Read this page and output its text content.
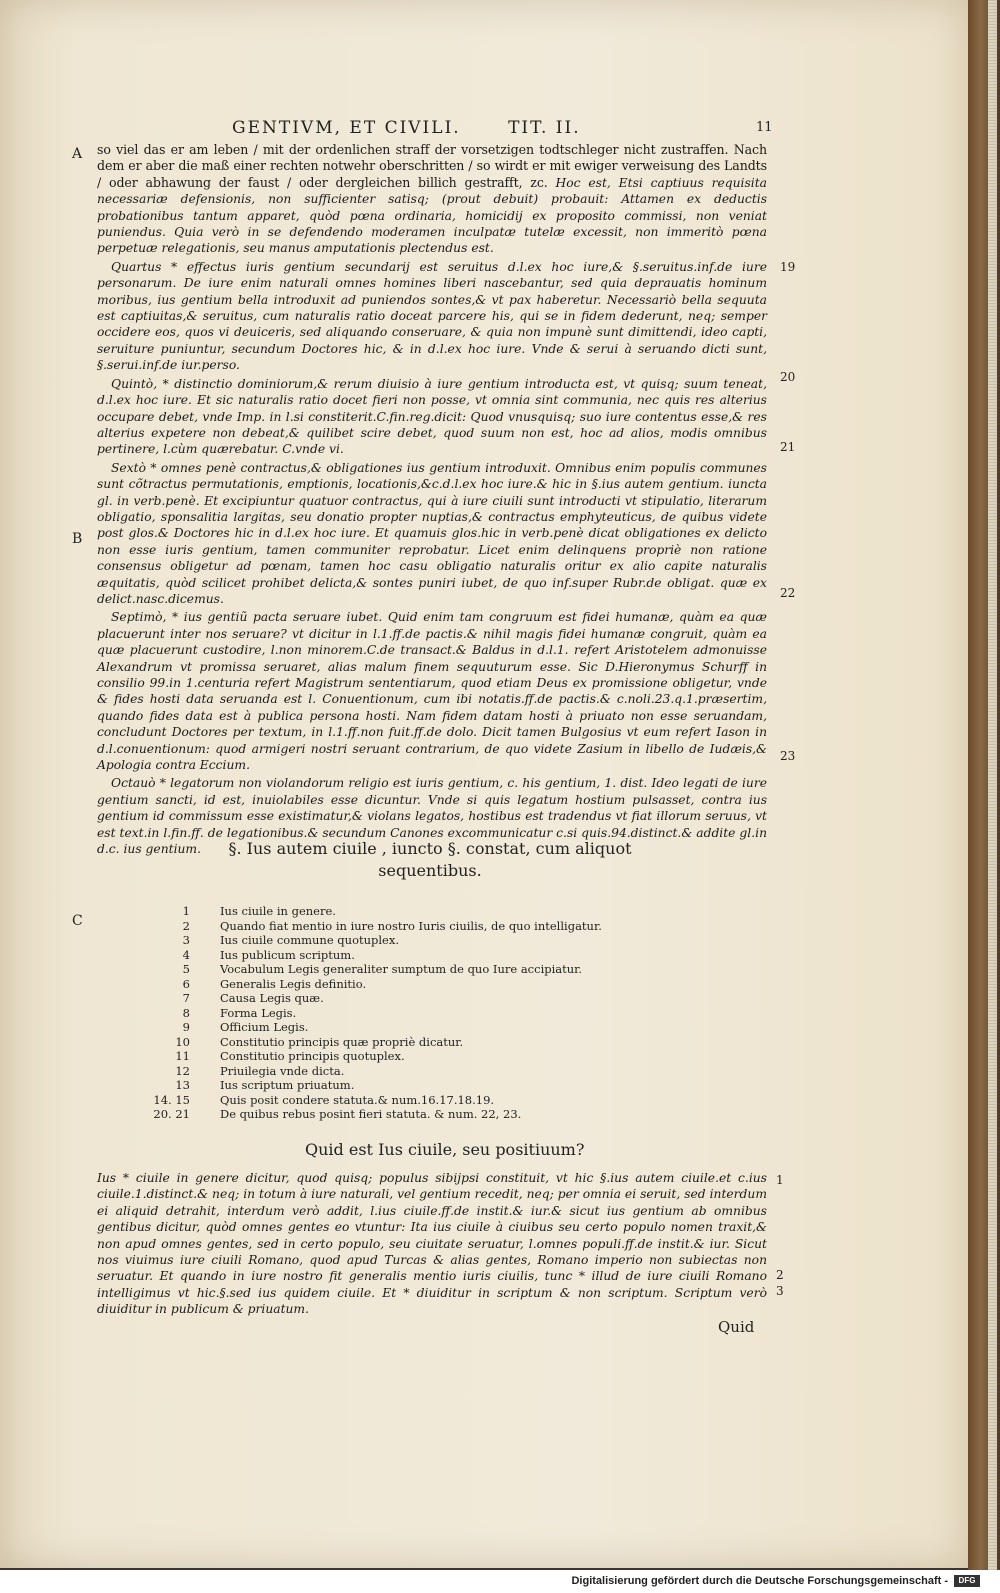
GENTIVM, ET CIVILI.	TIT. II.	11
A
B
C
19
20
21
22
23
1
2
3

so viel das er am leben / mit der ordenlichen straff der vorsetzigen todtschleger nicht zustraffen. Nach dem er aber die maß einer rechten notwehr oberschritten / so wirdt er mit ewiger verweisung des Landts / oder abhawung der faust / oder dergleichen billich gestrafft, zc. Hoc est, Etsi captiuus requisita necessariæ defensionis, non sufficienter satisq; (prout debuit) probauit: Attamen ex deductis probationibus tantum apparet, quòd pœna ordinaria, homicidij ex proposito commissi, non veniat puniendus. Quia verò in se defendendo moderamen inculpatæ tutelæ excessit, non immeritò pœna perpetuæ relegationis, seu manus amputationis plectendus est.

Quartus * effectus iuris gentium secundarij est seruitus d.l.ex hoc iure,& §.seruitus.inf.de iure personarum. De iure enim naturali omnes homines liberi nascebantur, sed quia deprauatis hominum moribus, ius gentium bella introduxit ad puniendos sontes,& vt pax haberetur. Necessariò bella sequuta est captiuitas,& seruitus, cum naturalis ratio doceat parcere his, qui se in fidem dederunt, neq; semper occidere eos, quos vi deuiceris, sed aliquando conseruare, & quia non impunè sunt dimittendi, ideo capti, seruiture puniuntur, secundum Doctores hic, & in d.l.ex hoc iure. Vnde & serui à seruando dicti sunt, §.serui.inf.de iur.perso.

Quintò, * distinctio dominiorum,& rerum diuisio à iure gentium introducta est, vt quisq; suum teneat, d.l.ex hoc iure. Et sic naturalis ratio docet fieri non posse, vt omnia sint communia, nec quis res alterius occupare debet, vnde Imp. in l.si constiterit.C.fin.reg.dicit: Quod vnusquisq; suo iure contentus esse,& res alterius expetere non debeat,& quilibet scire debet, quod suum non est, hoc ad alios, modis omnibus pertinere, l.cùm quærebatur. C.vnde vi.

Sextò * omnes penè contractus,& obligationes ius gentium introduxit. Omnibus enim populis communes sunt cõtractus permutationis, emptionis, locationis,&c.d.l.ex hoc iure.& hic in §.ius autem gentium. iuncta gl. in verb.penè. Et excipiuntur quatuor contractus, qui à iure ciuili sunt introducti vt stipulatio, literarum obligatio, sponsalitia largitas, seu donatio propter nuptias,& contractus emphyteuticus, de quibus videte post glos.& Doctores hic in d.l.ex hoc iure. Et quamuis glos.hic in verb.penè dicat obligationes ex delicto non esse iuris gentium, tamen communiter reprobatur. Licet enim delinquens propriè non ratione consensus obligetur ad pœnam, tamen hoc casu obligatio naturalis oritur ex alio capite naturalis æquitatis, quòd scilicet prohibet delicta,& sontes puniri iubet, de quo inf.super Rubr.de obligat. quæ ex delict.nasc.dicemus.

Septimò, * ius gentiũ pacta seruare iubet. Quid enim tam congruum est fidei humanæ, quàm ea quæ placuerunt inter nos seruare? vt dicitur in l.1.ff.de pactis.& nihil magis fidei humanæ congruit, quàm ea quæ placuerunt custodire, l.non minorem.C.de transact.& Baldus in d.l.1. refert Aristotelem admonuisse Alexandrum vt promissa seruaret, alias malum finem sequuturum esse. Sic D.Hieronymus Schurff in consilio 99.in 1.centuria refert Magistrum sententiarum, quod etiam Deus ex promissione obligetur, vnde & fides hosti data seruanda est l. Conuentionum, cum ibi notatis.ff.de pactis.& c.noli.23.q.1.præsertim, quando fides data est à publica persona hosti. Nam fidem datam hosti à priuato non esse seruandam, concludunt Doctores per textum, in l.1.ff.non fuit.ff.de dolo. Dicit tamen Bulgosius vt eum refert Iason in d.l.conuentionum: quod armigeri nostri seruant contrarium, de quo videte Zasium in libello de Iudæis,& Apologia contra Eccium.

Octauò * legatorum non violandorum religio est iuris gentium, c. his gentium, 1. dist. Ideo legati de iure gentium sancti, id est, inuiolabiles esse dicuntur. Vnde si quis legatum hostium pulsasset, contra ius gentium id commissum esse existimatur,& violans legatos, hostibus est tradendus vt fiat illorum seruus, vt est text.in l.fin.ff. de legationibus.& secundum Canones excommunicatur c.si quis.94.distinct.& addite gl.in d.c. ius gentium.	§. Ius autem ciuile , iuncto §. constat, cum aliquot
sequentibus.
1	Ius ciuile in genere.
2	Quando fiat mentio in iure nostro Iuris ciuilis, de quo intelligatur.
3	Ius ciuile commune quotuplex.
4	Ius publicum scriptum.
5	Vocabulum Legis generaliter sumptum de quo Iure accipiatur.
6	Generalis Legis definitio.
7	Causa Legis quæ.
8	Forma Legis.
9	Officium Legis.
10	Constitutio principis quæ propriè dicatur.
11	Constitutio principis quotuplex.
12	Priuilegia vnde dicta.
13	Ius scriptum priuatum.
14. 15	Quis posit condere statuta.& num.16.17.18.19.
20. 21	De quibus rebus posint fieri statuta. & num. 22, 23.
Quid est Ius ciuile, seu positiuum?

Ius * ciuile in genere dicitur, quod quisq; populus sibijpsi constituit, vt hic §.ius autem ciuile.et c.ius ciuile.1.distinct.& neq; in totum à iure naturali, vel gentium recedit, neq; per omnia ei seruit, sed interdum ei aliquid detrahit, interdum verò addit, l.ius ciuile.ff.de instit.& iur.& sicut ius gentium ab omnibus gentibus dicitur, quòd omnes gentes eo vtuntur: Ita ius ciuile à ciuibus seu certo populo nomen traxit,& non apud omnes gentes, sed in certo populo, seu ciuitate seruatur, l.omnes populi.ff.de instit.& iur. Sicut nos viuimus iure ciuili Romano, quod apud Turcas & alias gentes, Romano imperio non subiectas non seruatur. Et quando in iure nostro fit generalis mentio iuris ciuilis, tunc * illud de iure ciuili Romano intelligimus vt hic.§.sed ius quidem ciuile. Et * diuiditur in scriptum & non scriptum. Scriptum verò diuiditur in publicum & priuatum.

Quid
Digitalisierung gefördert durch die Deutsche Forschungsgemeinschaft -	DFG
